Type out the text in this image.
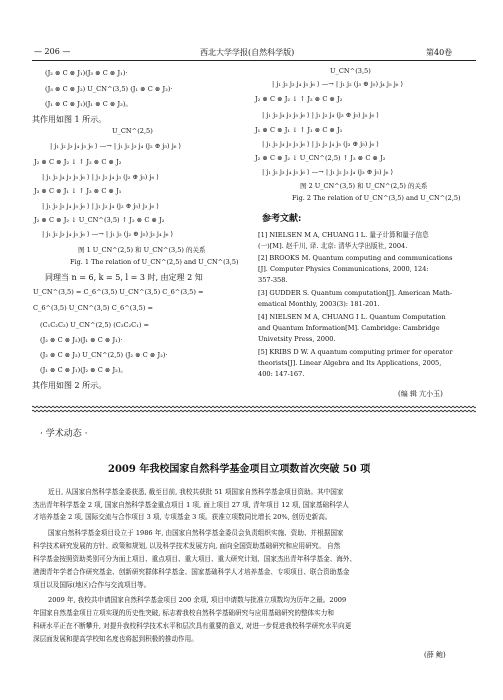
— 206 —	西北大学学报(自然科学版)	第40卷
(J₂ ⊗ C ⊗ J₁)(J₃ ⊗ C ⊗ J₁)·
(J₃ ⊗ C ⊗ J₂) U_CN^(3,5) (J₁ ⊗ C ⊗ J₂)·
(J₁ ⊗ C ⊗ J₁)(J₁ ⊗ C ⊗ J₃)。
其作用如图 1 所示。
U_CN^(2,5)
| j₁ j₂ j₃ j₄ j₅ j₆ ⟩ —→ | j₁ j₂ j₃ j₄ (j₂ ⊕ j₅) j₆ ⟩
J₂ ⊗ C ⊗ J₂ ↓ ↑ J₂ ⊗ C ⊗ J₂
| j₁ j₂ j₄ j₃ j₅ j₆ ⟩ | j₁ j₂ j₄ j₃ (j₂ ⊕ j₅) j₆ ⟩
J₃ ⊗ C ⊗ J₁ ↓ ↑ J₃ ⊗ C ⊗ J₁
| j₁ j₂ j₃ j₄ j₅ j₆ ⟩ | j₁ j₂ j₄ (j₂ ⊕ j₅) j₃ j₆ ⟩
J₂ ⊗ C ⊗ J₂ ↓ U_CN^(3,5) ↑ J₂ ⊗ C ⊗ J₂
| j₁ j₂ j₃ j₄ j₅ j₆ ⟩ —→ | j₁ j₂ (j₂ ⊕ j₅) j₃ j₄ j₆ ⟩
图 1 U_CN^(2,5) 和 U_CN^(3,5) 的关系
Fig. 1 The relation of U_CN^(2,5) and U_CN^(3,5)
同理当 n = 6, k = 5, l = 3 时, 由定理 2 知
U_CN^(3,5) = C_6^(3,5) U_CN^(3,5) C_6^(3,5) =
C_6^(3,5) U_CN^(3,5) C_6^(3,5) =
(C₁C₂C₃) U_CN^(2,5) (C₃C₂C₁) =
(J₂ ⊗ C ⊗ J₂)(J₁ ⊗ C ⊗ J₁)·
(J₂ ⊗ C ⊗ J₂) U_CN^(2,5) (J₂ ⊗ C ⊗ J₂)·
(J₁ ⊗ C ⊗ J₁)(J₂ ⊗ C ⊗ J₂)。
其作用如图 2 所示。
U_CN^(3,5)
| j₁ j₂ j₃ j₄ j₅ j₆ ⟩ —→ | j₁ j₂ (j₃ ⊕ j₅) j₄ j₅ j₆ ⟩
J₂ ⊗ C ⊗ J₂ ↓ ↑ J₂ ⊗ C ⊗ J₂
| j₁ j₂ j₄ j₃ j₅ j₆ ⟩ | j₁ j₂ j₄ (j₃ ⊕ j₅) j₅ j₆ ⟩
J₁ ⊗ C ⊗ J₁ ↓ ↑ J₁ ⊗ C ⊗ J₁
| j₁ j₂ j₄ j₅ j₃ j₆ ⟩ | j₁ j₂ j₄ j₅ (j₃ ⊕ j₅) j₆ ⟩
J₂ ⊗ C ⊗ J₂ ↓ U_CN^(2,5) ↑ J₂ ⊗ C ⊗ J₂
| j₁ j₂ j₃ j₄ j₅ j₆ ⟩ —→ | j₁ j₂ j₃ j₄ (j₃ ⊕ j₅) j₆ ⟩
图 2 U_CN^(3,5) 和 U_CN^(2,5) 的关系
Fig. 2 The relation of U_CN^(3,5) and U_CN^(2,5)
参考文献:
[1] NIELSEN M A, CHUANG I L. 量子计算和量子信息
(一)[M]. 赵千川, 译. 北京: 清华大学出版社, 2004.
[2] BROOKS M. Quantum computing and communications
[J]. Computer Physics Communications, 2000, 124:
357-358.
[3] GUDDER S. Quantum computation[J]. American Math-
ematical Monthly, 2003(3): 181-201.
[4] NIELSEN M A, CHUANG I L. Quantum Computation
and Quantum Information[M]. Cambridge: Cambridge
Univetsity Press, 2000.
[5] KRIBS D W. A quantum computing primer for operator
theorists[J]. Linear Algebra and Its Applications, 2005,
400: 147-167.
(编 辑 亢小玉)
· 学术动态 ·
2009 年我校国家自然科学基金项目立项数首次突破 50 项
近日, 从国家自然科学基金委获悉, 截至目前, 我校共获批 51 项国家自然科学基金项目资助。其中国家
杰出青年科学基金 2 项, 国家自然科学基金重点项目 1 项, 面上项目 27 项, 青年项目 12 项, 国家基础科学人
才培养基金 2 项, 国际交流与合作项目 3 项, 专项基金 3 项。获准立项数同比增长 20%, 创历史新高。
国家自然科学基金项目设立于 1986 年, 由国家自然科学基金委员会负责组织实施、资助、并根据国家
科学技术研究发展的方针、政策和规划, 以及科学技术发展方向, 面向全国资助基础研究和应用研究。 自然
科学基金按照资助类别可分为面上项目、重点项目、重大项目、重大研究计划、国家杰出青年科学基金、海外、
港澳青年学者合作研究基金、创新研究群体科学基金、国家基础科学人才培养基金、专项项目、联合资助基金
项目以及国际(地区)合作与交流项目等。
2009 年, 我校共申请国家自然科学基金项目 200 余项, 项目申请数与批准立项数均为历年之最。2009
年国家自然基金项目立项实现的历史性突破, 标志着我校自然科学基础研究与应用基础研究的整体实力和
科研水平正在不断攀升, 对提升我校科学技术水平和层次具有重要的意义, 对进一步促进我校科学研究水平向更
深层面发展和提高学校知名度也将起到积极的推动作用。
(薛 鲍)
